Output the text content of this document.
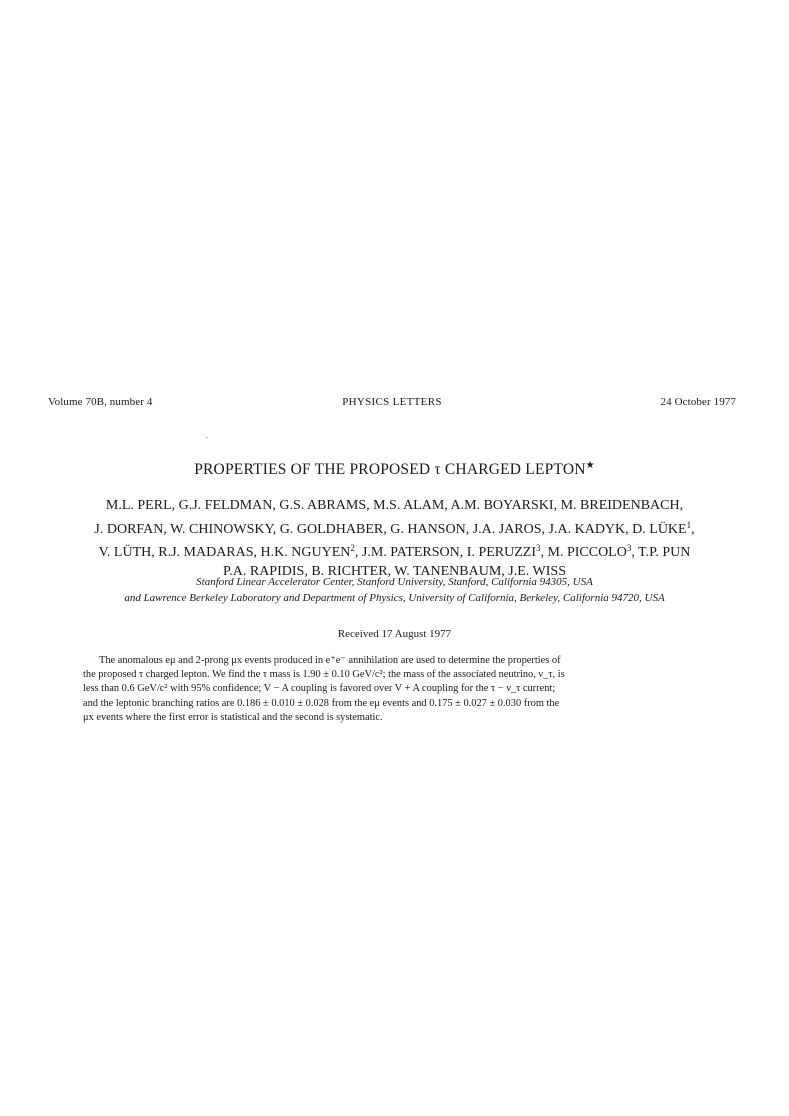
Volume 70B, number 4	PHYSICS LETTERS	24 October 1977
PROPERTIES OF THE PROPOSED τ CHARGED LEPTON★
M.L. PERL, G.J. FELDMAN, G.S. ABRAMS, M.S. ALAM, A.M. BOYARSKI, M. BREIDENBACH,
J. DORFAN, W. CHINOWSKY, G. GOLDHABER, G. HANSON, J.A. JAROS, J.A. KADYK, D. LÜKE$^1$,
V. LÜTH, R.J. MADARAS, H.K. NGUYEN$^2$, J.M. PATERSON, I. PERUZZI$^3$, M. PICCOLO$^3$, T.P. PUN
P.A. RAPIDIS, B. RICHTER, W. TANENBAUM, J.E. WISS
Stanford Linear Accelerator Center, Stanford University, Stanford, California 94305, USA
and Lawrence Berkeley Laboratory and Department of Physics, University of California, Berkeley, California 94720, USA
Received 17 August 1977
The anomalous eμ and 2-prong μx events produced in e⁺e⁻ annihilation are used to determine the properties of
the proposed τ charged lepton. We find the τ mass is 1.90 ± 0.10 GeV/c²; the mass of the associated neutrino, ν_τ, is
less than 0.6 GeV/c² with 95% confidence; V − A coupling is favored over V + A coupling for the τ − ν_τ current;
and the leptonic branching ratios are 0.186 ± 0.010 ± 0.028 from the eμ events and 0.175 ± 0.027 ± 0.030 from the
μx events where the first error is statistical and the second is systematic.
